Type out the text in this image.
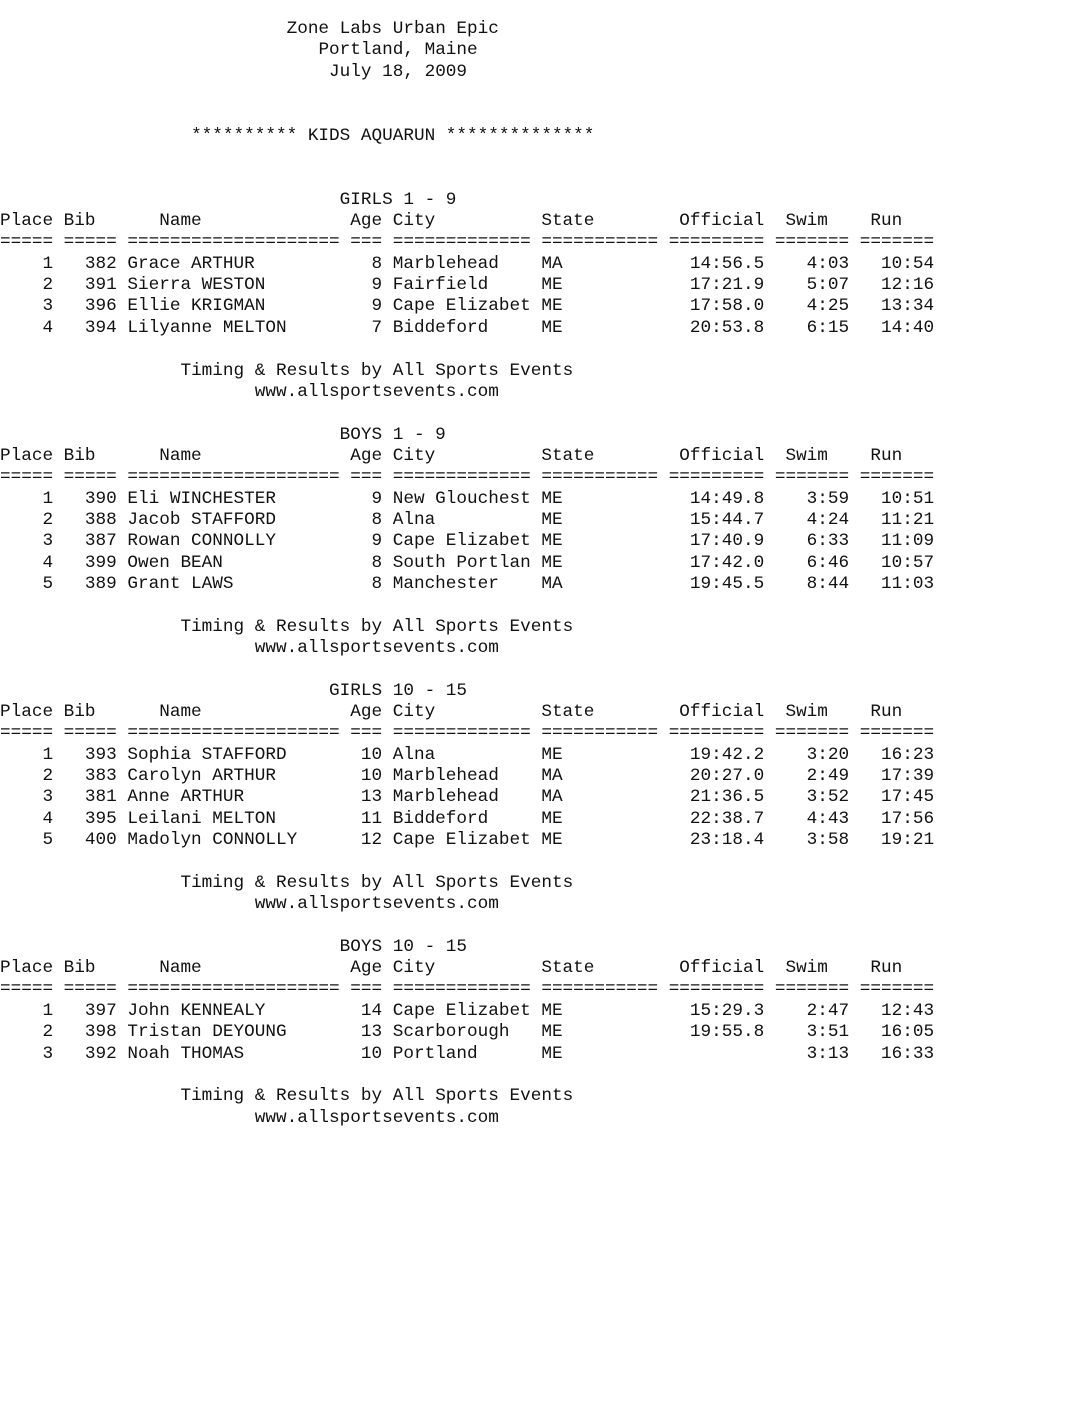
Zone Labs Urban Epic
Portland, Maine
July 18, 2009

********** KIDS AQUARUN **************

GIRLS 1 - 9
Place Bib      Name              Age City          State        Official  Swim    Run
===== ===== ==================== === ============= =========== ========= ======= =======
1   382 Grace ARTHUR           8 Marblehead    MA            14:56.5    4:03   10:54
2   391 Sierra WESTON          9 Fairfield     ME            17:21.9    5:07   12:16
3   396 Ellie KRIGMAN          9 Cape Elizabet ME            17:58.0    4:25   13:34
4   394 Lilyanne MELTON        7 Biddeford     ME            20:53.8    6:15   14:40

Timing & Results by All Sports Events
www.allsportsevents.com

BOYS 1 - 9
Place Bib      Name              Age City          State        Official  Swim    Run
===== ===== ==================== === ============= =========== ========= ======= =======
1   390 Eli WINCHESTER         9 New Glouchest ME            14:49.8    3:59   10:51
2   388 Jacob STAFFORD         8 Alna          ME            15:44.7    4:24   11:21
3   387 Rowan CONNOLLY         9 Cape Elizabet ME            17:40.9    6:33   11:09
4   399 Owen BEAN              8 South Portlan ME            17:42.0    6:46   10:57
5   389 Grant LAWS             8 Manchester    MA            19:45.5    8:44   11:03

Timing & Results by All Sports Events
www.allsportsevents.com

GIRLS 10 - 15
Place Bib      Name              Age City          State        Official  Swim    Run
===== ===== ==================== === ============= =========== ========= ======= =======
1   393 Sophia STAFFORD       10 Alna          ME            19:42.2    3:20   16:23
2   383 Carolyn ARTHUR        10 Marblehead    MA            20:27.0    2:49   17:39
3   381 Anne ARTHUR           13 Marblehead    MA            21:36.5    3:52   17:45
4   395 Leilani MELTON        11 Biddeford     ME            22:38.7    4:43   17:56
5   400 Madolyn CONNOLLY      12 Cape Elizabet ME            23:18.4    3:58   19:21

Timing & Results by All Sports Events
www.allsportsevents.com

BOYS 10 - 15
Place Bib      Name              Age City          State        Official  Swim    Run
===== ===== ==================== === ============= =========== ========= ======= =======
1   397 John KENNEALY         14 Cape Elizabet ME            15:29.3    2:47   12:43
2   398 Tristan DEYOUNG       13 Scarborough   ME            19:55.8    3:51   16:05
3   392 Noah THOMAS           10 Portland      ME                       3:13   16:33

Timing & Results by All Sports Events
www.allsportsevents.com
